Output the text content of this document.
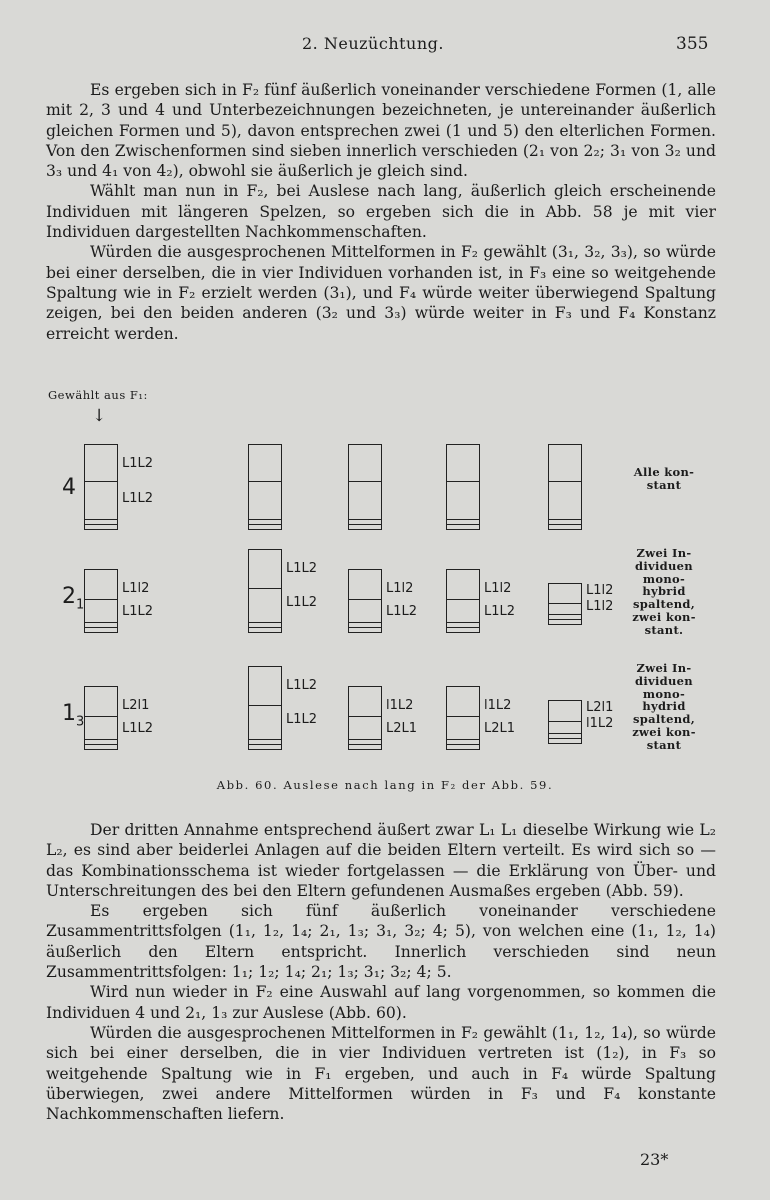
2. Neuzüchtung.	355

Es ergeben sich in F₂ fünf äußerlich voneinander verschiedene Formen (1, alle mit 2, 3 und 4 und Unterbezeichnungen bezeichneten, je untereinander äußerlich gleichen Formen und 5), davon entsprechen zwei (1 und 5) den elterlichen Formen. Von den Zwischenformen sind sieben innerlich verschieden (2₁ von 2₂; 3₁ von 3₂ und 3₃ und 4₁ von 4₂), obwohl sie äußerlich je gleich sind.

Wählt man nun in F₂, bei Auslese nach lang, äußerlich gleich erscheinende Individuen mit längeren Spelzen, so ergeben sich die in Abb. 58 je mit vier Individuen dargestellten Nachkommenschaften.

Würden die ausgesprochenen Mittelformen in F₂ gewählt (3₁, 3₂, 3₃), so würde bei einer derselben, die in vier Individuen vorhanden ist, in F₃ eine so weitgehende Spaltung wie in F₂ erzielt werden (3₁), und F₄ würde weiter überwiegend Spaltung zeigen, bei den beiden anderen (3₂ und 3₃) würde weiter in F₃ und F₄ Konstanz erreicht werden.

Gewählt aus F₁:
↓
4
L1L2
L1L2
Alle kon- stant
$2_1$
L1l2
L1L2
L1L2
L1L2
L1l2
L1L2
L1l2
L1L2
L1l2
L1l2
Zwei In- dividuen mono- hybrid spaltend, zwei kon- stant.
$1_3$
L2l1
L1L2
L1L2
L1L2
l1L2
L2L1
l1L2
L2L1
L2l1
l1L2
Zwei In- dividuen mono- hydrid spaltend, zwei kon- stant
Abb. 60. Auslese nach lang in F₂ der Abb. 59.

Der dritten Annahme entsprechend äußert zwar L₁ L₁ dieselbe Wirkung wie L₂ L₂, es sind aber beiderlei Anlagen auf die beiden Eltern verteilt. Es wird sich so — das Kombinationsschema ist wieder fortgelassen — die Erklärung von Über- und Unterschreitungen des bei den Eltern gefundenen Ausmaßes ergeben (Abb. 59).

Es ergeben sich fünf äußerlich voneinander verschiedene Zusammentrittsfolgen (1₁, 1₂, 1₄; 2₁, 1₃; 3₁, 3₂; 4; 5), von welchen eine (1₁, 1₂, 1₄) äußerlich den Eltern entspricht. Innerlich verschieden sind neun Zusammentrittsfolgen: 1₁; 1₂; 1₄; 2₁; 1₃; 3₁; 3₂; 4; 5.

Wird nun wieder in F₂ eine Auswahl auf lang vorgenommen, so kommen die Individuen 4 und 2₁, 1₃ zur Auslese (Abb. 60).

Würden die ausgesprochenen Mittelformen in F₂ gewählt (1₁, 1₂, 1₄), so würde sich bei einer derselben, die in vier Individuen vertreten ist (1₂), in F₃ so weitgehende Spaltung wie in F₁ ergeben, und auch in F₄ würde Spaltung überwiegen, zwei andere Mittelformen würden in F₃ und F₄ konstante Nachkommenschaften liefern.

23*
